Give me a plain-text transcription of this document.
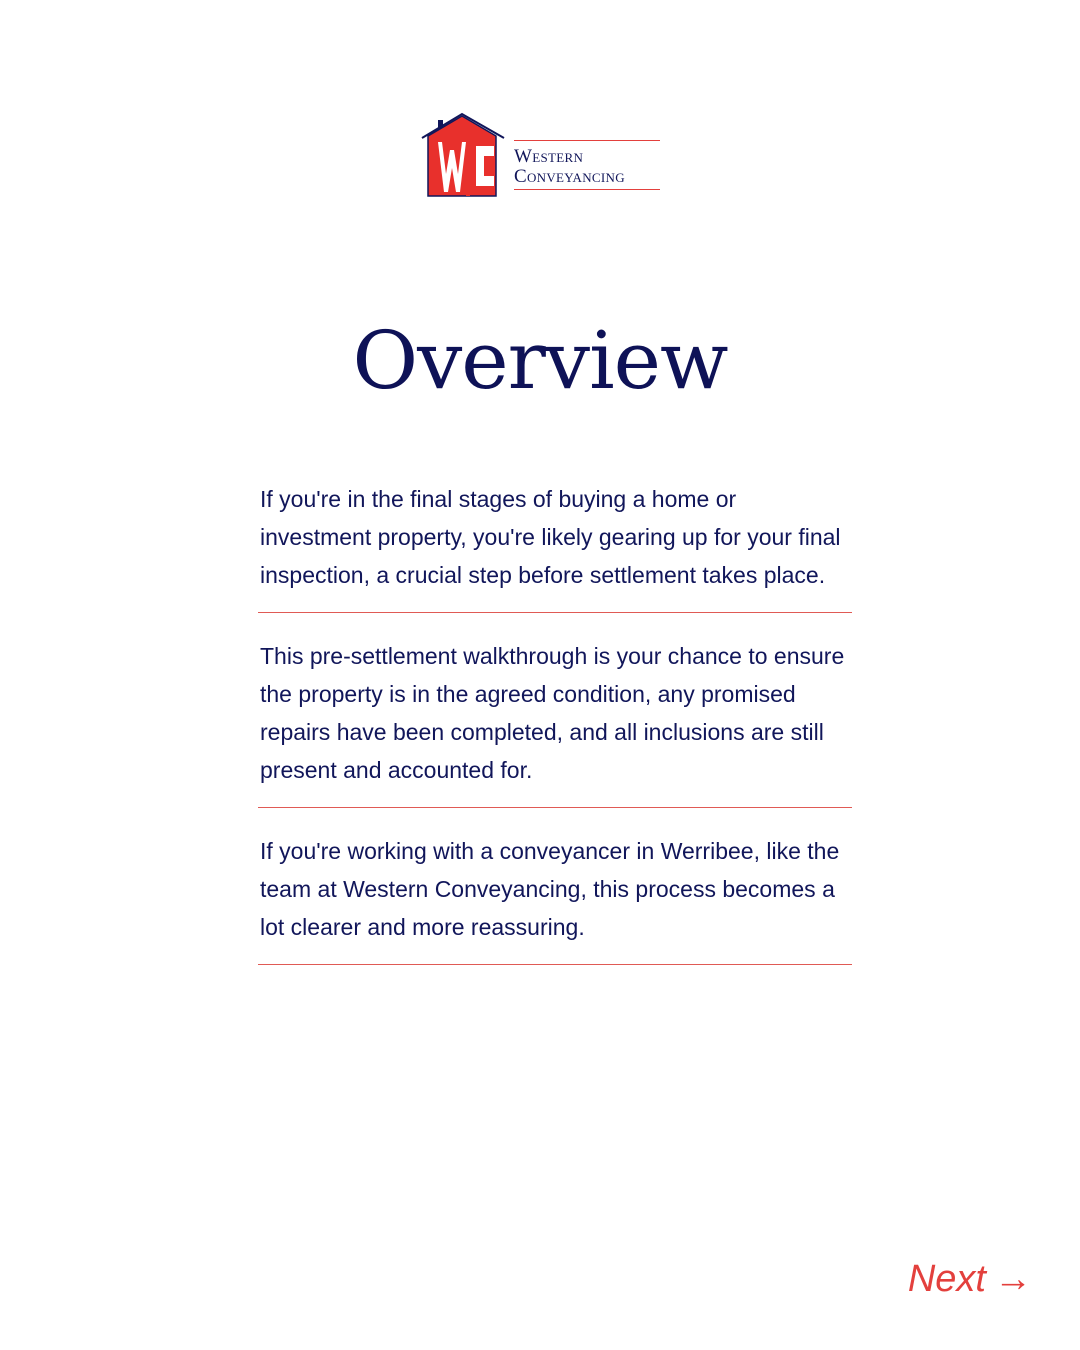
Western
Conveyancing
Overview
If you're in the final stages of buying a home or investment property, you're likely gearing up for your final inspection, a crucial step before settlement takes place.
This pre-settlement walkthrough is your chance to ensure the property is in the agreed condition, any promised repairs have been completed, and all inclusions are still present and accounted for.
If you're working with a conveyancer in Werribee, like the team at Western Conveyancing, this process becomes a lot clearer and more reassuring.
Next →
